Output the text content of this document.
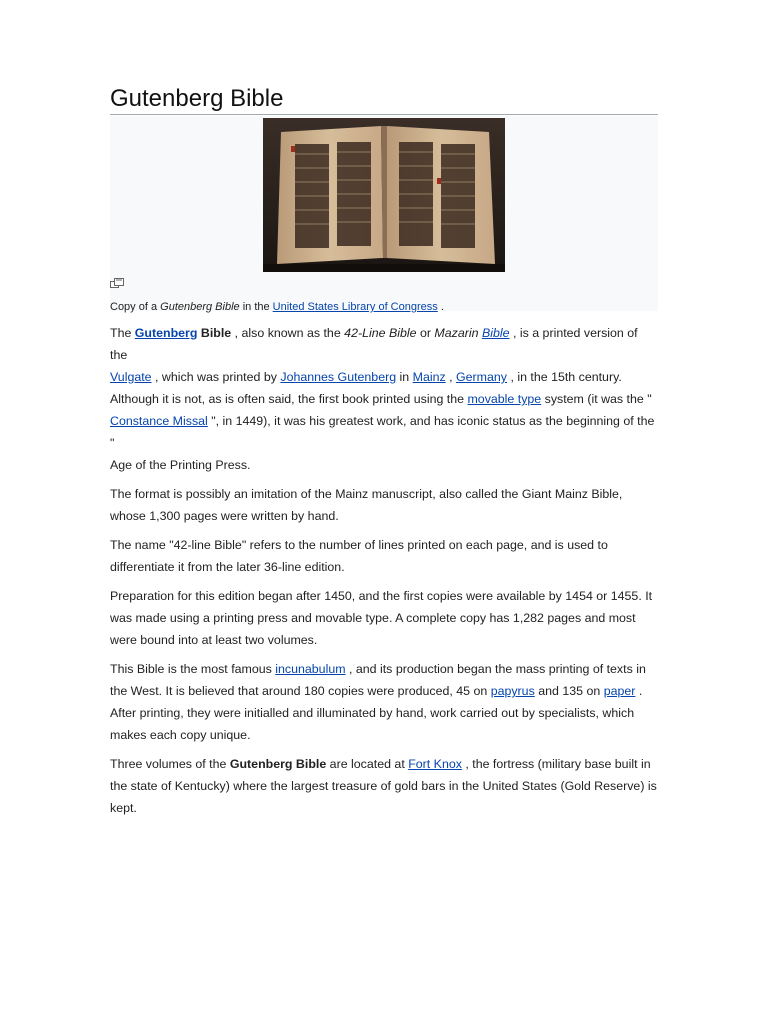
Gutenberg Bible
Copy of a Gutenberg Bible in the United States Library of Congress .

The Gutenberg Bible , also known as the 42-Line Bible or Mazarin Bible , is a printed version of the
Vulgate , which was printed by Johannes Gutenberg in Mainz , Germany , in the 15th century.
Although it is not, as is often said, the first book printed using the movable type system (it was the "
Constance Missal ", in 1449), it was his greatest work, and has iconic status as the beginning of the "
Age of the Printing Press.

The format is possibly an imitation of the Mainz manuscript, also called the Giant Mainz Bible, whose 1,300 pages were written by hand.

The name "42-line Bible" refers to the number of lines printed on each page, and is used to differentiate it from the later 36-line edition.

Preparation for this edition began after 1450, and the first copies were available by 1454 or 1455. It was made using a printing press and movable type. A complete copy has 1,282 pages and most were bound into at least two volumes.

This Bible is the most famous incunabulum , and its production began the mass printing of texts in the West. It is believed that around 180 copies were produced, 45 on papyrus and 135 on paper . After printing, they were initialled and illuminated by hand, work carried out by specialists, which makes each copy unique.

Three volumes of the Gutenberg Bible are located at Fort Knox , the fortress (military base built in the state of Kentucky) where the largest treasure of gold bars in the United States (Gold Reserve) is kept.
